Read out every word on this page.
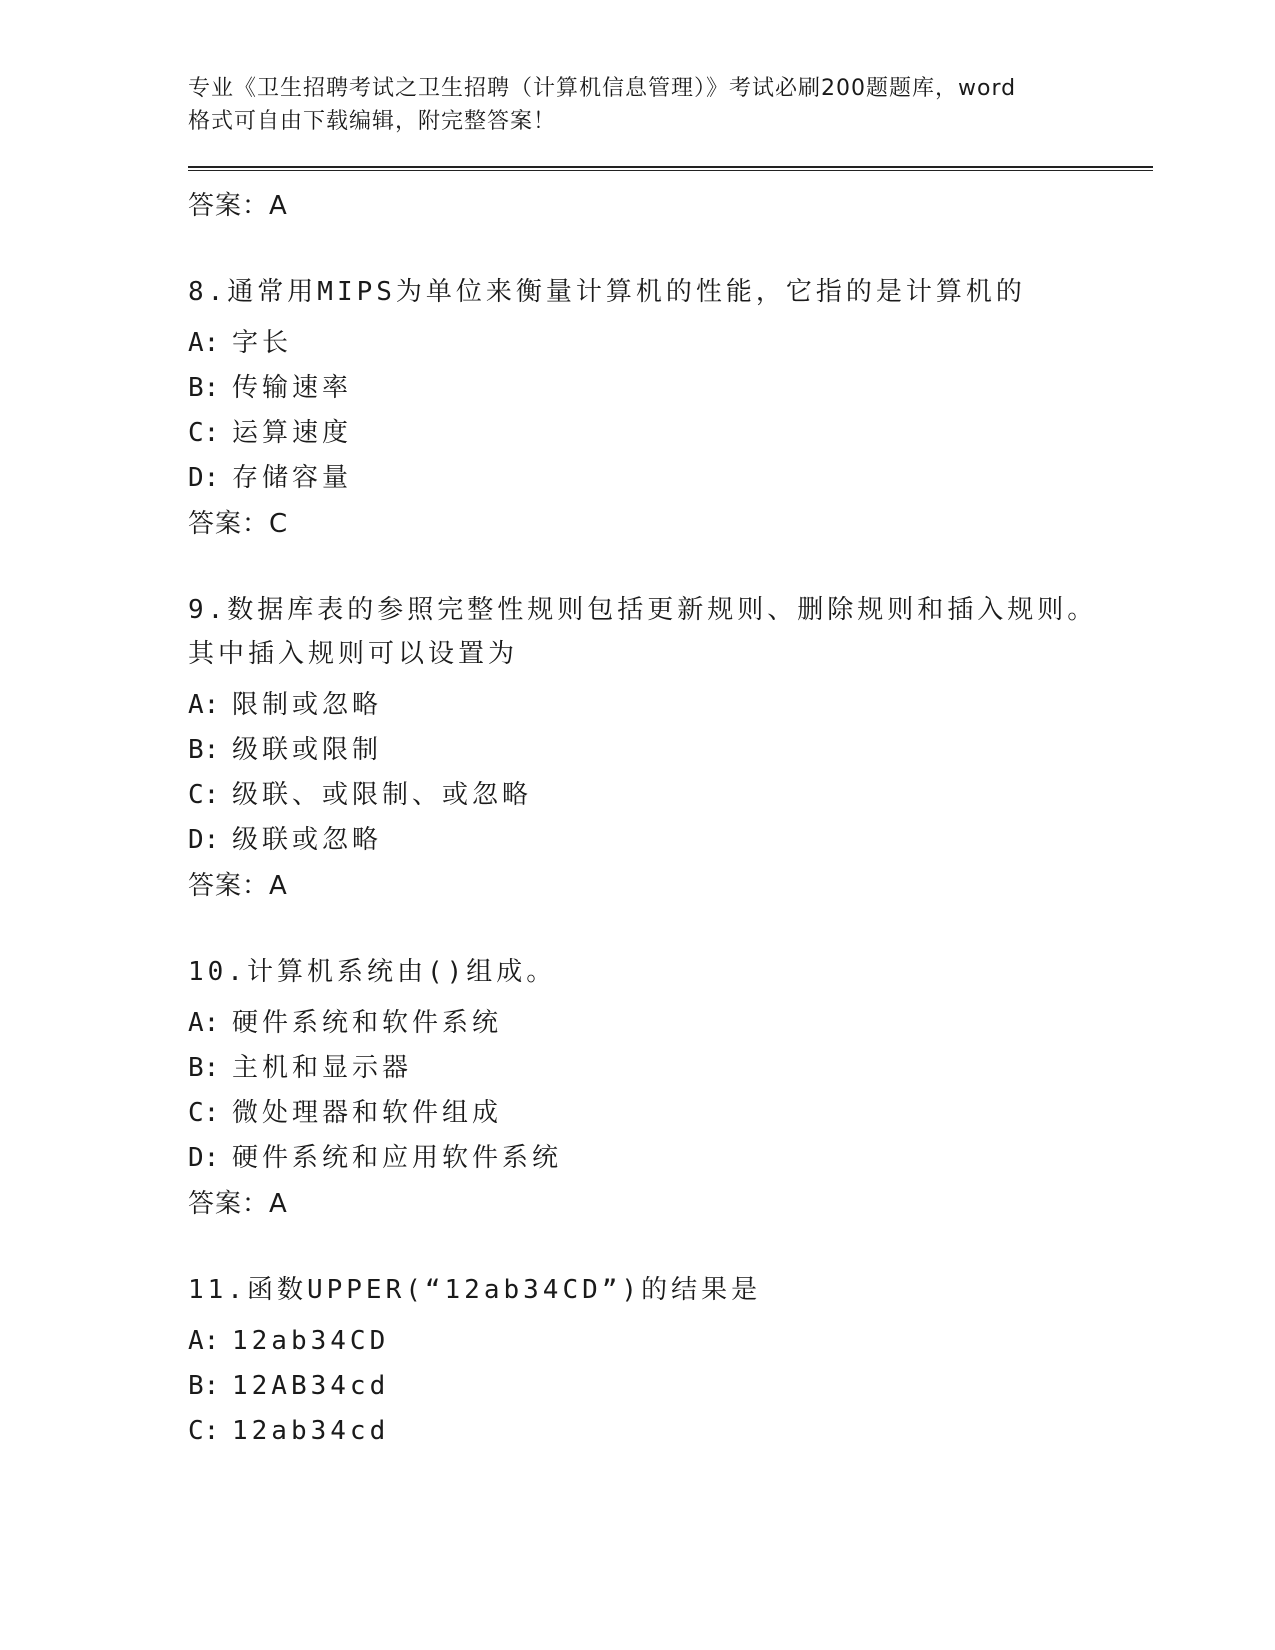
专业《卫生招聘考试之卫生招聘（计算机信息管理）》考试必刷200题题库，word

格式可自由下载编辑，附完整答案！

答案：A

8.通常用MIPS为单位来衡量计算机的性能，它指的是计算机的

A: 字长

B: 传输速率

C: 运算速度

D: 存储容量

答案：C

9.数据库表的参照完整性规则包括更新规则、删除规则和插入规则。

其中插入规则可以设置为

A: 限制或忽略

B: 级联或限制

C: 级联、或限制、或忽略

D: 级联或忽略

答案：A

10.计算机系统由()组成。

A: 硬件系统和软件系统

B: 主机和显示器

C: 微处理器和软件组成

D: 硬件系统和应用软件系统

答案：A

11.函数UPPER(“12ab34CD”)的结果是

A: 12ab34CD

B: 12AB34cd

C: 12ab34cd
